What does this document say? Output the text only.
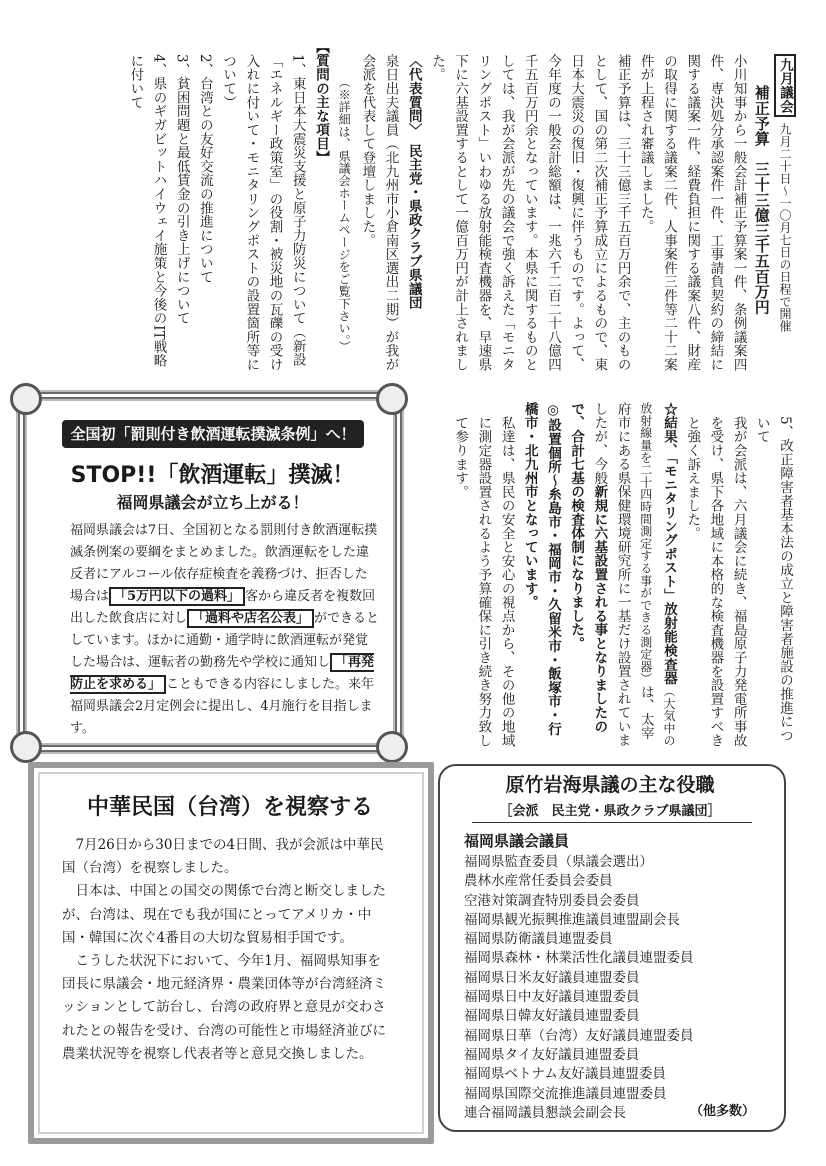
九月議会九月二十日〜一〇月七日の日程で開催

補正予算　三十三億三千五百万円

小川知事から一般会計補正予算案一件、条例議案四件、専決処分承認案件一件、工事請負契約の締結に関する議案一件、経費負担に関する議案八件、財産の取得に関する議案二件、人事案件三件等二十二案件が上程され審議しました。

補正予算は、三十三億三千五百万円余で、主のものとして、国の第二次補正予算成立によるもので、東日本大震災の復旧・復興に伴うものです。よって、今年度の一般会計総額は、一兆六千二百二十八億四千五百万円余となっています。本県に関するものとしては、我が会派が先の議会で強く訴えた「モニタリングポスト」いわゆる放射能検査機器を、早速県下に六基設置するとして一億百万円が計上されました。

〈代表質問〉　民主党・県政クラブ県議団

泉日出夫議員（北九州市小倉南区選出二期）が我が会派を代表して登壇しました。

（※詳細は、県議会ホームページをご覧下さい。）

【質問の主な項目】

1、東日本大震災支援と原子力防災について（新設「エネルギー政策室」の役割・被災地の瓦礫の受け入れに付いて・モニタリングポストの設置箇所等について）

2、台湾との友好交流の推進について

3、貧困問題と最低賃金の引き上げについて

4、県のギガビットハイウェイ施策と今後のIT戦略に付いて

5、改正障害者基本法の成立と障害者施設の推進について

我が会派は、六月議会に続き、福島原子力発電所事故を受け、県下各地域に本格的な検査機器を設置すべきと強く訴えました。

☆結果、「モニタリングポスト」放射能検査器（大気中の放射線量を二十四時間測定する事ができる測定器）は、太宰府市にある県保健環境研究所に一基だけ設置されていましたが、今般新規に六基設置される事となりましたので、合計七基の検査体制になりました。

◎設置個所〜糸島市・福岡市・久留米市・飯塚市・行橋市・北九州市となっています。

私達は、県民の安全と安心の視点から、その他の地域に測定器設置されるよう予算確保に引き続き努力致して参ります。

全国初「罰則付き飲酒運転撲滅条例」へ！
STOP!!「飲酒運転」撲滅！
福岡県議会が立ち上がる！
福岡県議会は7日、全国初となる罰則付き飲酒運転撲滅条例案の要綱をまとめました。飲酒運転をした違反者にアルコール依存症検査を義務づけ、拒否した場合は 「5万円以下の過料」 客から違反者を複数回出した飲食店に対し 「過料や店名公表」 ができるとしています。ほかに通勤・通学時に飲酒運転が発覚した場合は、運転者の勤務先や学校に通知し 「再発防止を求める」 こともできる内容にしました。来年福岡県議会2月定例会に提出し、4月施行を目指します。
中華民国（台湾）を視察する
7月26日から30日までの4日間、我が会派は中華民国（台湾）を視察しました。
日本は、中国との国交の関係で台湾と断交しましたが、台湾は、現在でも我が国にとってアメリカ・中国・韓国に次ぐ4番目の大切な貿易相手国です。
こうした状況下において、今年1月、福岡県知事を団長に県議会・地元経済界・農業団体等が台湾経済ミッションとして訪台し、台湾の政府界と意見が交わされたとの報告を受け、台湾の可能性と市場経済並びに農業状況等を視察し代表者等と意見交換しました。
原竹岩海県議の主な役職
［会派　民主党・県政クラブ県議団］
福岡県議会議員
福岡県監査委員（県議会選出）
農林水産常任委員会委員
空港対策調査特別委員会委員
福岡県観光振興推進議員連盟副会長
福岡県防衛議員連盟委員
福岡県森林・林業活性化議員連盟委員
福岡県日米友好議員連盟委員
福岡県日中友好議員連盟委員
福岡県日韓友好議員連盟委員
福岡県日華（台湾）友好議員連盟委員
福岡県タイ友好議員連盟委員
福岡県ベトナム友好議員連盟委員
福岡県国際交流推進議員連盟委員
連合福岡議員懇談会副会長	（他多数）
